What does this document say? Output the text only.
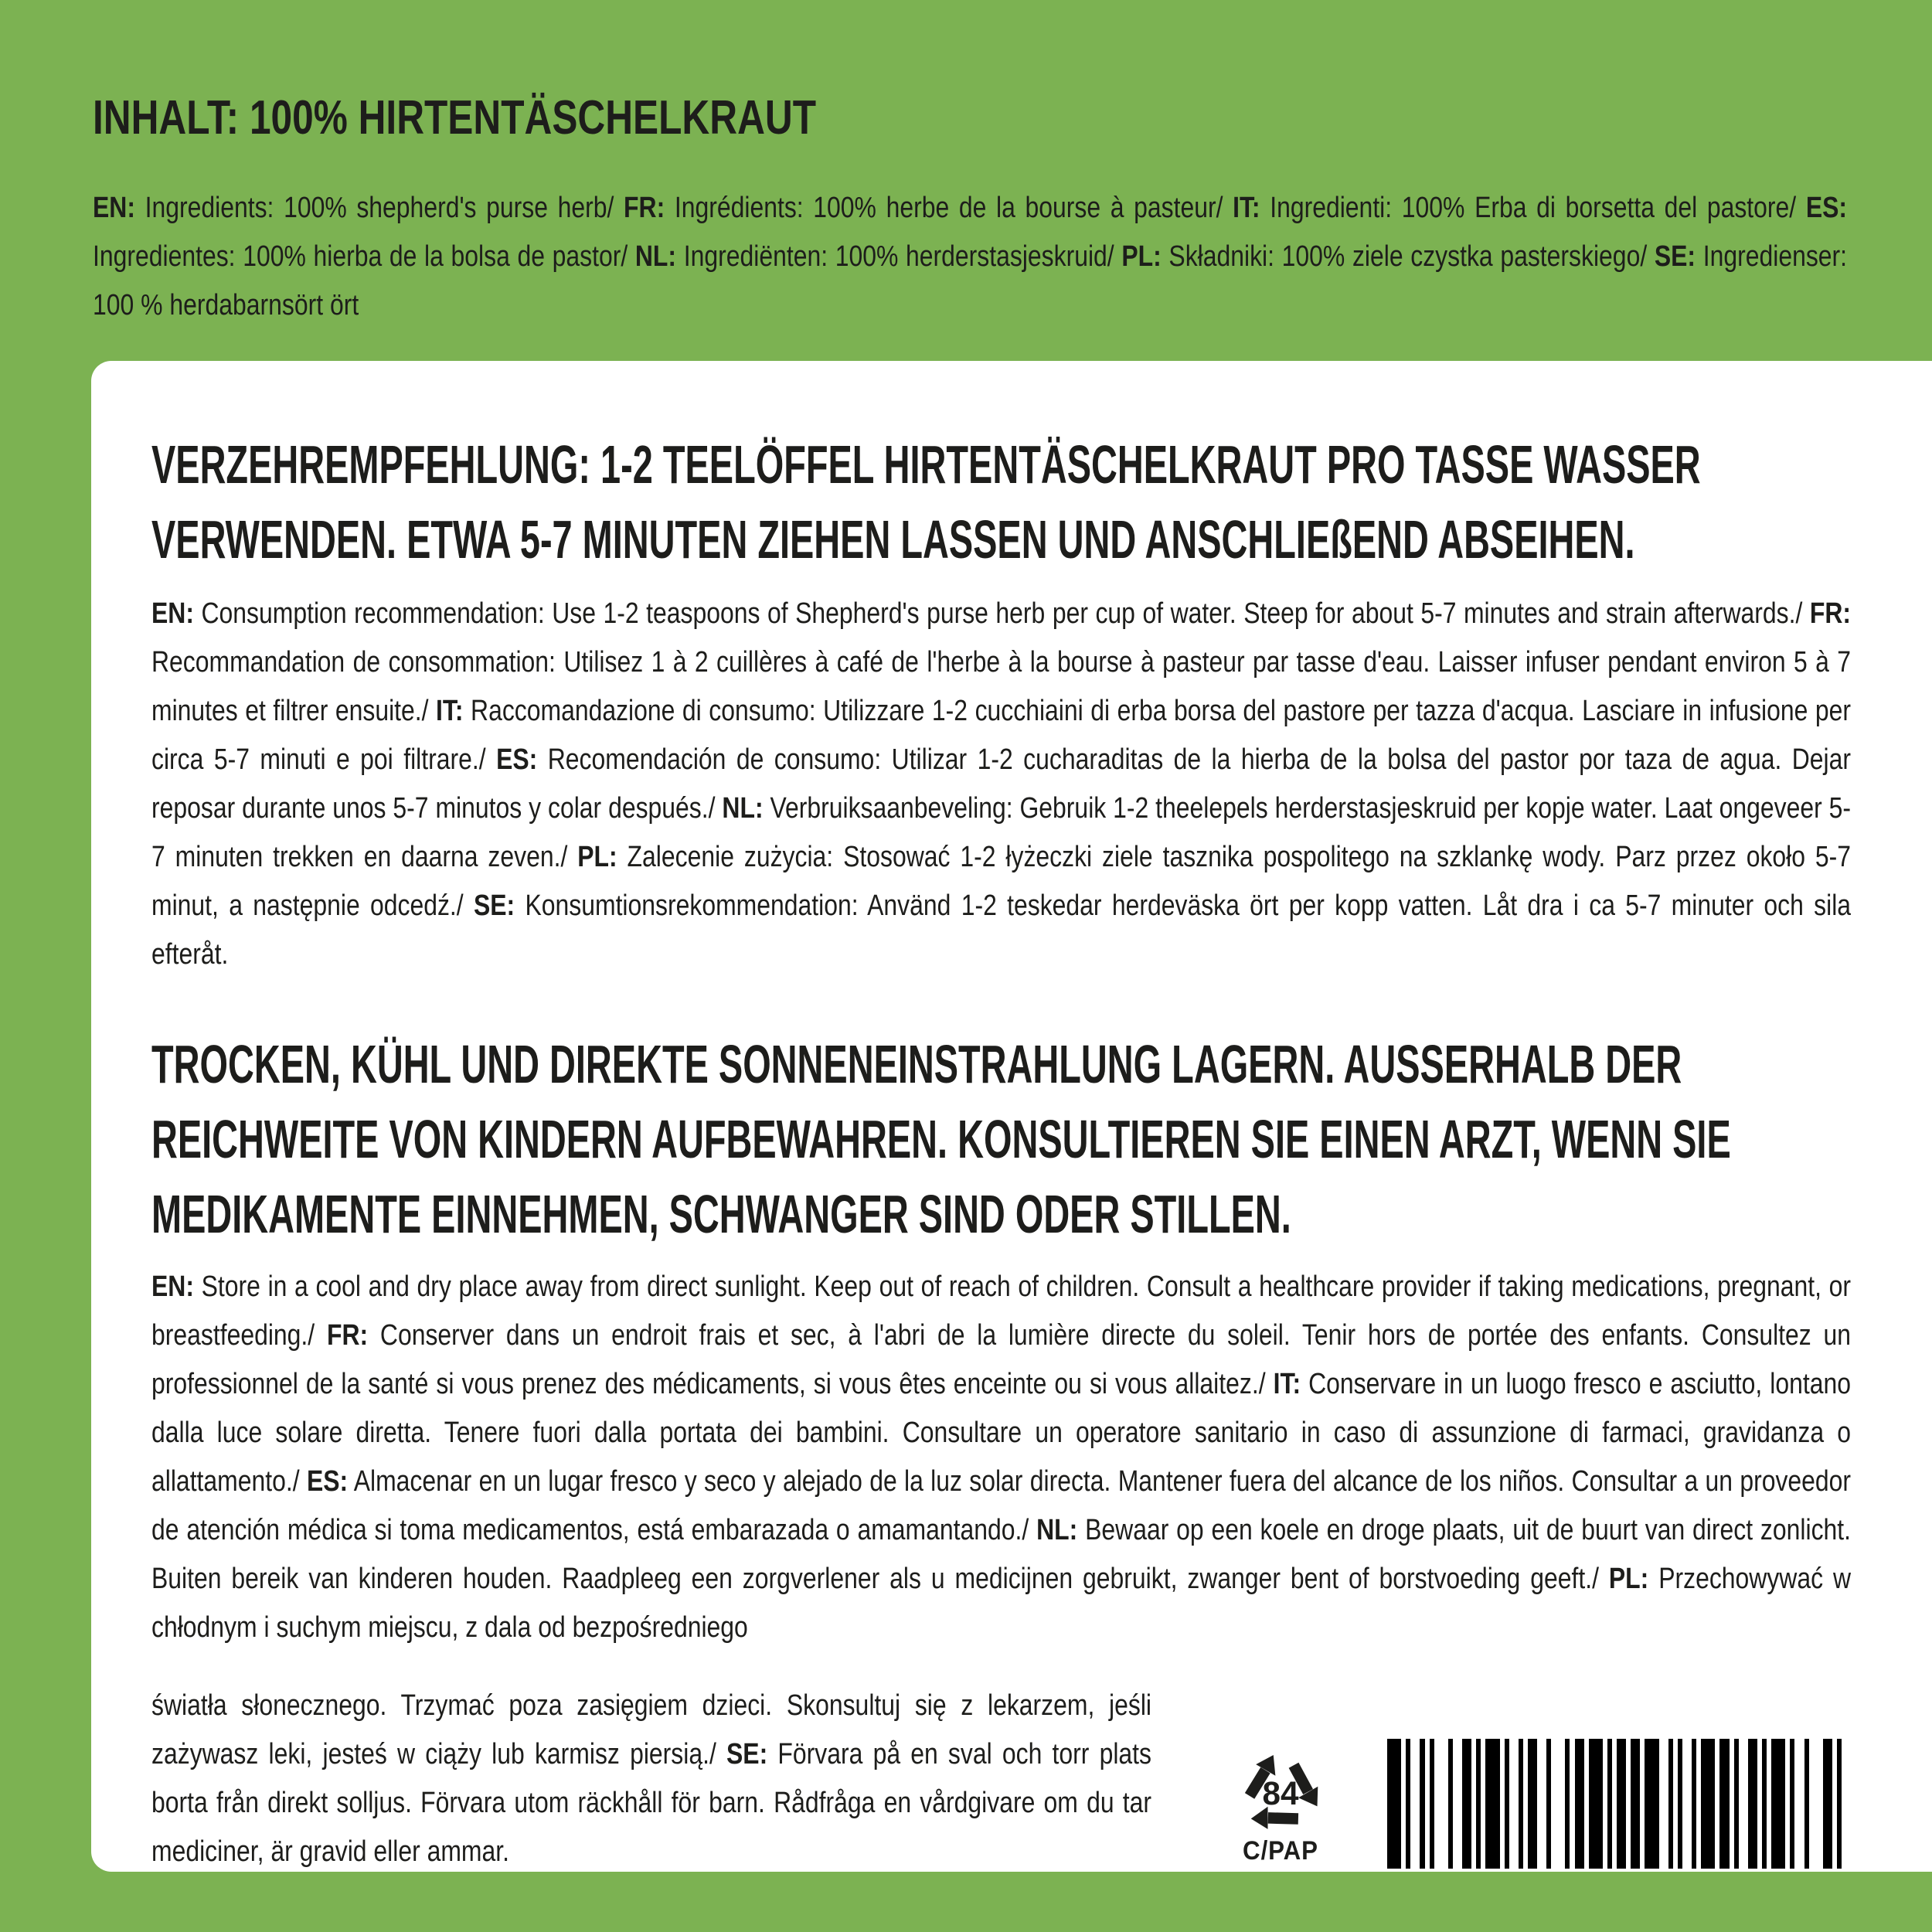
INHALT: 100% HIRTENTÄSCHELKRAUT

EN: Ingredients: 100% shepherd's purse herb/ FR: Ingrédients: 100% herbe de la bourse à pasteur/ IT: Ingredienti: 100% Erba di borsetta del pastore/ ES: Ingredientes: 100% hierba de la bolsa de pastor/ NL: Ingrediënten: 100% herderstasjeskruid/ PL: Składniki: 100% ziele czystka pasterskiego/ SE: Ingredienser: 100 % herdabarnsört ört

VERZEHREMPFEHLUNG: 1-2 TEELÖFFEL HIRTENTÄSCHELKRAUT PRO TASSE WASSER VERWENDEN. ETWA 5-7 MINUTEN ZIEHEN LASSEN UND ANSCHLIEßEND ABSEIHEN.

EN: Consumption recommendation: Use 1-2 teaspoons of Shepherd's purse herb per cup of water. Steep for about 5-7 minutes and strain afterwards./ FR: Recommandation de consommation: Utilisez 1 à 2 cuillères à café de l'herbe à la bourse à pasteur par tasse d'eau. Laisser infuser pendant environ 5 à 7 minutes et filtrer ensuite./ IT: Raccomandazione di consumo: Utilizzare 1-2 cucchiaini di erba borsa del pastore per tazza d'acqua. Lasciare in infusione per circa 5-7 minuti e poi filtrare./ ES: Recomendación de consumo: Utilizar 1-2 cucharaditas de la hierba de la bolsa del pastor por taza de agua. Dejar reposar durante unos 5-7 minutos y colar después./ NL: Verbruiksaanbeveling: Gebruik 1-2 theelepels herderstasjeskruid per kopje water. Laat ongeveer 5-7 minuten trekken en daarna zeven./ PL: Zalecenie zużycia: Stosować 1-2 łyżeczki ziele tasznika pospolitego na szklankę wody. Parz przez około 5-7 minut, a następnie odcedź./ SE: Konsumtionsrekommendation: Använd 1-2 teskedar herdeväska ört per kopp vatten. Låt dra i ca 5-7 minuter och sila efteråt.

TROCKEN, KÜHL UND DIREKTE SONNENEINSTRAHLUNG LAGERN. AUSSERHALB DER REICHWEITE VON KINDERN AUFBEWAHREN. KONSULTIEREN SIE EINEN ARZT, WENN SIE MEDIKAMENTE EINNEHMEN, SCHWANGER SIND ODER STILLEN.

EN: Store in a cool and dry place away from direct sunlight. Keep out of reach of children. Consult a healthcare provider if taking medications, pregnant, or breastfeeding./ FR: Conserver dans un endroit frais et sec, à l'abri de la lumière directe du soleil. Tenir hors de portée des enfants. Consultez un professionnel de la santé si vous prenez des médicaments, si vous êtes enceinte ou si vous allaitez./ IT: Conservare in un luogo fresco e asciutto, lontano dalla luce solare diretta. Tenere fuori dalla portata dei bambini. Consultare un operatore sanitario in caso di assunzione di farmaci, gravidanza o allattamento./ ES: Almacenar en un lugar fresco y seco y alejado de la luz solar directa. Mantener fuera del alcance de los niños. Consultar a un proveedor de atención médica si toma medicamentos, está embarazada o amamantando./ NL: Bewaar op een koele en droge plaats, uit de buurt van direct zonlicht. Buiten bereik van kinderen houden. Raadpleeg een zorgverlener als u medicijnen gebruikt, zwanger bent of borstvoeding geeft./ PL: Przechowywać w chłodnym i suchym miejscu, z dala od bezpośredniego

światła słonecznego. Trzymać poza zasięgiem dzieci. Skonsultuj się z lekarzem, jeśli zażywasz leki, jesteś w ciąży lub karmisz piersią./ SE: Förvara på en sval och torr plats borta från direkt solljus. Förvara utom räckhåll för barn. Rådfråga en vårdgivare om du tar mediciner, är gravid eller ammar.

84
C/PAP
